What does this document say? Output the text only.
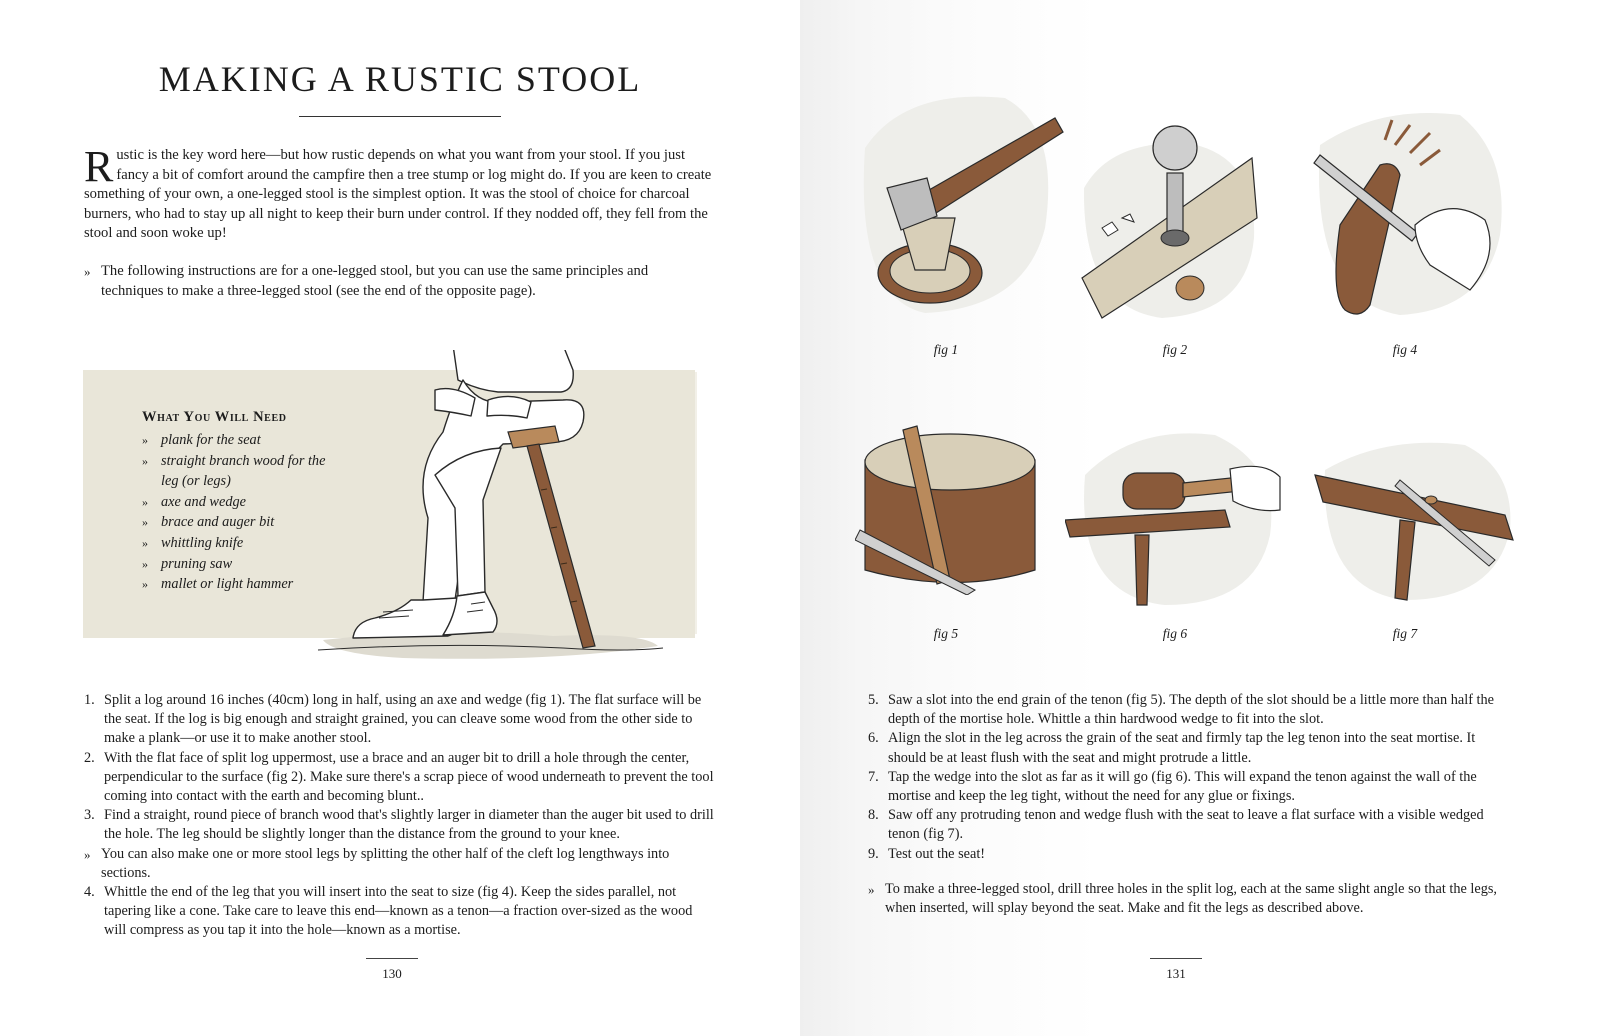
MAKING A RUSTIC STOOL

Rustic is the key word here—but how rustic depends on what you want from your stool. If you just fancy a bit of comfort around the campfire then a tree stump or log might do. If you are keen to create something of your own, a one-legged stool is the simplest option. It was the stool of choice for charcoal burners, who had to stay up all night to keep their burn under control. If they nodded off, they fell from the stool and soon woke up!

» The following instructions are for a one-legged stool, but you can use the same principles and techniques to make a three-legged stool (see the end of the opposite page).
What You Will Need
» plank for the seat
» straight branch wood for the leg (or legs)
» axe and wedge
» brace and auger bit
» whittling knife
» pruning saw
» mallet or light hammer
1. Split a log around 16 inches (40cm) long in half, using an axe and wedge (fig 1). The flat surface will be the seat. If the log is big enough and straight grained, you can cleave some wood from the other side to make a plank—or use it to make another stool.
2. With the flat face of split log uppermost, use a brace and an auger bit to drill a hole through the center, perpendicular to the surface (fig 2). Make sure there's a scrap piece of wood underneath to prevent the tool coming into contact with the earth and becoming blunt..
3. Find a straight, round piece of branch wood that's slightly larger in diameter than the auger bit used to drill the hole. The leg should be slightly longer than the distance from the ground to your knee.
» You can also make one or more stool legs by splitting the other half of the cleft log lengthways into sections.
4. Whittle the end of the leg that you will insert into the seat to size (fig 4). Keep the sides parallel, not tapering like a cone. Take care to leave this end—known as a tenon—a fraction over-sized as the wood will compress as you tap it into the hole—known as a mortise.
130
fig 1	fig 2	fig 4
fig 5	fig 6	fig 7
5. Saw a slot into the end grain of the tenon (fig 5). The depth of the slot should be a little more than half the depth of the mortise hole. Whittle a thin hardwood wedge to fit into the slot.
6. Align the slot in the leg across the grain of the seat and firmly tap the leg tenon into the seat mortise. It should be at least flush with the seat and might protrude a little.
7. Tap the wedge into the slot as far as it will go (fig 6). This will expand the tenon against the wall of the mortise and keep the leg tight, without the need for any glue or fixings.
8. Saw off any protruding tenon and wedge flush with the seat to leave a flat surface with a visible wedged tenon (fig 7).
9. Test out the seat!
» To make a three-legged stool, drill three holes in the split log, each at the same slight angle so that the legs, when inserted, will splay beyond the seat. Make and fit the legs as described above.
131
